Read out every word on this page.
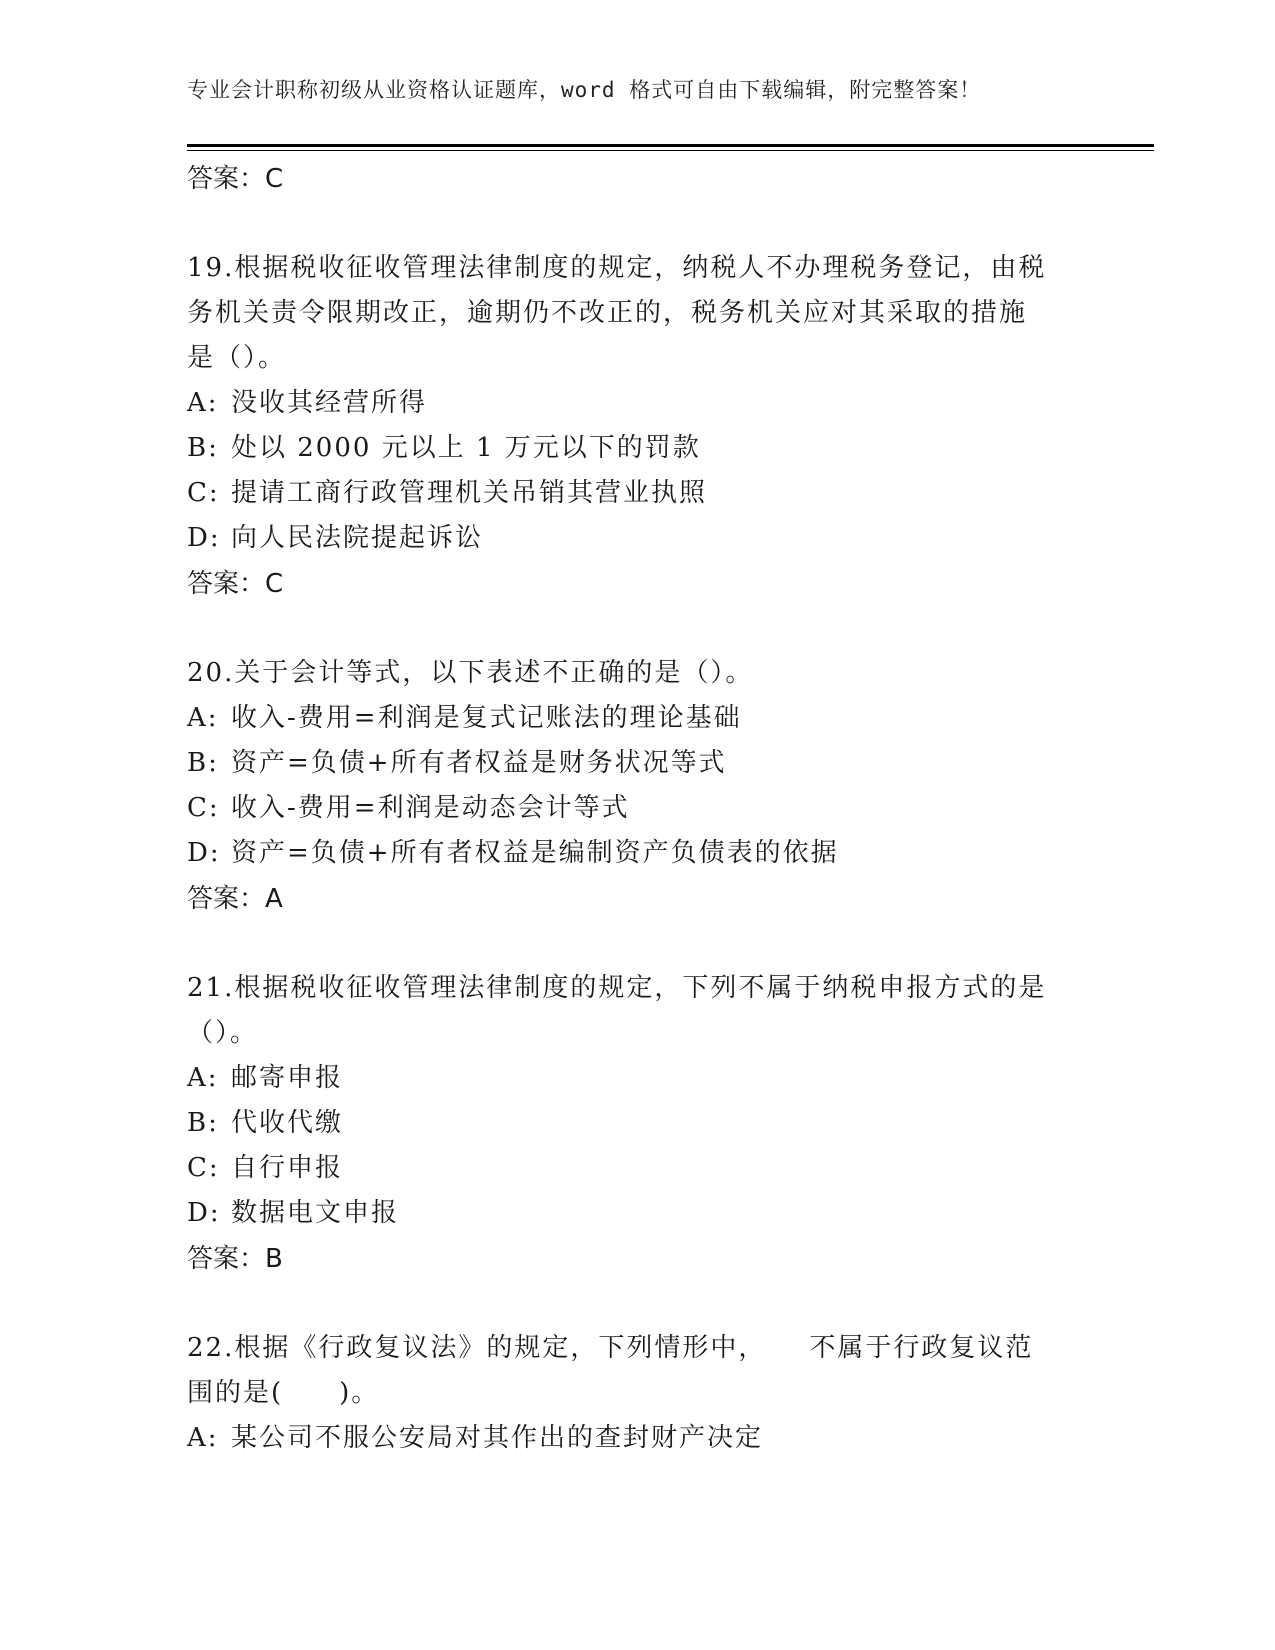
专业会计职称初级从业资格认证题库，word 格式可自由下载编辑，附完整答案！
答案：C
19.根据税收征收管理法律制度的规定，纳税人不办理税务登记，由税
务机关责令限期改正，逾期仍不改正的，税务机关应对其采取的措施
是（）。
A: 没收其经营所得
B: 处以 2000 元以上 1 万元以下的罚款
C: 提请工商行政管理机关吊销其营业执照
D: 向人民法院提起诉讼
答案：C
20.关于会计等式，以下表述不正确的是（）。
A: 收入-费用=利润是复式记账法的理论基础
B: 资产=负债+所有者权益是财务状况等式
C: 收入-费用=利润是动态会计等式
D: 资产=负债+所有者权益是编制资产负债表的依据
答案：A
21.根据税收征收管理法律制度的规定，下列不属于纳税申报方式的是
（）。
A: 邮寄申报
B: 代收代缴
C: 自行申报
D: 数据电文申报
答案：B
22.根据《行政复议法》的规定，下列情形中，　　不属于行政复议范
围的是(　　)。
A: 某公司不服公安局对其作出的查封财产决定
